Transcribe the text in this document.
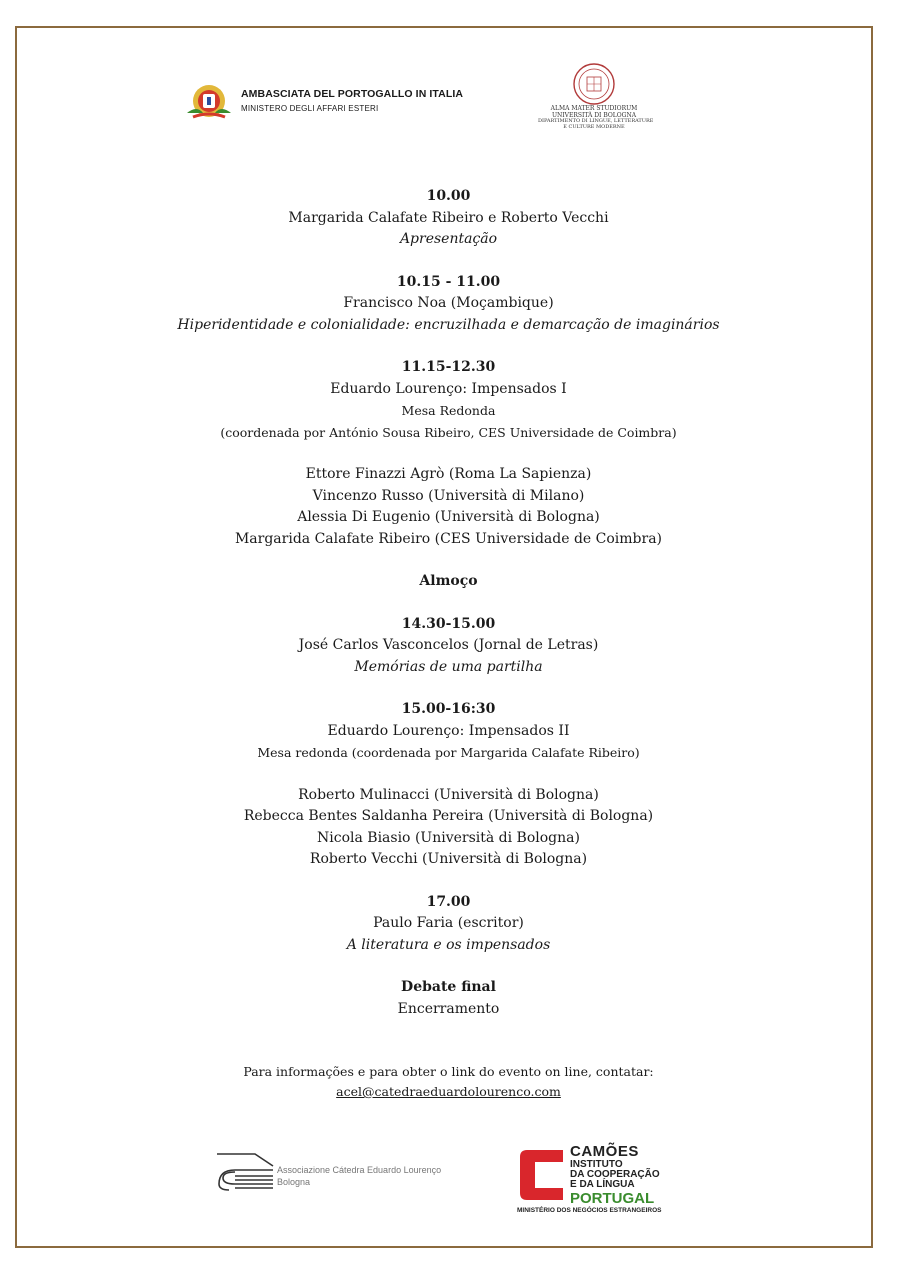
AMBASCIATA DEL PORTOGALLO IN ITALIA
MINISTERO DEGLI AFFARI ESTERI	ALMA MATER STUDIORUM
UNIVERSITÀ DI BOLOGNA
DIPARTIMENTO DI LINGUE, LETTERATURE
E CULTURE MODERNE
10.00
Margarida Calafate Ribeiro e Roberto Vecchi
Apresentação
10.15 - 11.00
Francisco Noa (Moçambique)
Hiperidentidade e colonialidade: encruzilhada e demarcação de imaginários
11.15-12.30
Eduardo Lourenço: Impensados I
Mesa Redonda
(coordenada por António Sousa Ribeiro, CES Universidade de Coimbra)
Ettore Finazzi Agrò (Roma La Sapienza)
Vincenzo Russo (Università di Milano)
Alessia Di Eugenio (Università di Bologna)
Margarida Calafate Ribeiro (CES Universidade de Coimbra)
Almoço
14.30-15.00
José Carlos Vasconcelos (Jornal de Letras)
Memórias de uma partilha
15.00-16:30
Eduardo Lourenço: Impensados II
Mesa redonda (coordenada por Margarida Calafate Ribeiro)
Roberto Mulinacci (Università di Bologna)
Rebecca Bentes Saldanha Pereira (Università di Bologna)
Nicola Biasio (Università di Bologna)
Roberto Vecchi (Università di Bologna)
17.00
Paulo Faria (escritor)
A literatura e os impensados
Debate final
Encerramento
Para informações e para obter o link do evento on line, contatar:
acel@catedraeduardolourenco.com
Associazione Cátedra Eduardo Lourenço
Bologna
CAMÕES
INSTITUTO
DA COOPERAÇÃO
E DA LÍNGUA
PORTUGAL
MINISTÉRIO DOS NEGÓCIOS ESTRANGEIROS
